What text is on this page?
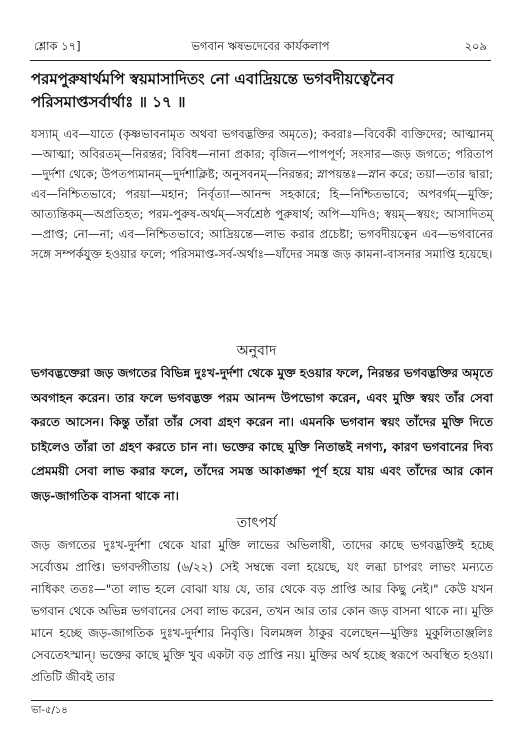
শ্লোক ১৭]	ভগবান ঋষভদেবের কার্যকলাপ	২০৯

পরমপুরুষার্থমপি স্বয়মাসাদিতং নো এবাদ্রিয়ন্তে ভগবদীয়ত্বেনৈব

পরিসমাপ্তসর্বার্থাঃ ॥ ১৭ ॥

যস্যাম্ এব—যাতে (কৃষ্ণভাবনামৃত অথবা ভগবদ্ভক্তির অমৃতে); কবরাঃ—বিবেকী ব্যক্তিদের; আত্মানম্—আত্মা; অবিরতম্—নিরন্তর; বিবিধ—নানা প্রকার; বৃজিন—পাপপূর্ণ; সংসার—জড় জগতে; পরিতাপ—দুর্দশা থেকে; উপতপ্যমানম্—দুর্দশাক্লিষ্ট; অনুসবনম্—নিরন্তর; স্নাপয়ন্তঃ—স্নান করে; তয়া—তার দ্বারা; এব—নিশ্চিতভাবে; পরয়া—মহান; নির্বৃত্যা—আনন্দ সহকারে; হি—নিশ্চিতভাবে; অপবর্গম্—মুক্তি; আত্যন্তিকম্—অপ্রতিহত; পরম-পুরুষ-অর্থম্—সর্বশ্রেষ্ঠ পুরুষার্থ; অপি—যদিও; স্বয়ম্—স্বয়ং; আসাদিতম্—প্রাপ্ত; নো—না; এব—নিশ্চিতভাবে; আদ্রিয়ন্তে—লাভ করার প্রচেষ্টা; ভগবদীয়ত্বেন এব—ভগবানের সঙ্গে সম্পর্কযুক্ত হওয়ার ফলে; পরিসমাপ্ত-সর্ব-অর্থাঃ—যাঁদের সমস্ত জড় কামনা-বাসনার সমাপ্তি হয়েছে।

অনুবাদ

ভগবদ্ভক্তেরা জড় জগতের বিভিন্ন দুঃখ-দুর্দশা থেকে মুক্ত হওয়ার ফলে, নিরন্তর ভগবদ্ভক্তির অমৃতে অবগাহন করেন। তার ফলে ভগবদ্ভক্ত পরম আনন্দ উপভোগ করেন, এবং মুক্তি স্বয়ং তাঁর সেবা করতে আসেন। কিন্তু তাঁরা তাঁর সেবা গ্রহণ করেন না। এমনকি ভগবান স্বয়ং তাঁদের মুক্তি দিতে চাইলেও তাঁরা তা গ্রহণ করতে চান না। ভক্তের কাছে মুক্তি নিতান্তই নগণ্য, কারণ ভগবানের দিব্য প্রেমময়ী সেবা লাভ করার ফলে, তাঁদের সমস্ত আকাঙ্ক্ষা পূর্ণ হয়ে যায় এবং তাঁদের আর কোন জড়-জাগতিক বাসনা থাকে না।

তাৎপর্য

জড় জগতের দুঃখ-দুর্দশা থেকে যারা মুক্তি লাভের অভিলাষী, তাদের কাছে ভগবদ্ভক্তিই হচ্ছে সর্বোত্তম প্রাপ্তি। ভগবদ্গীতায় (৬/২২) সেই সম্বন্ধে বলা হয়েছে, যং লব্ধা চাপরং লাভং মন্যতে নাধিকং ততঃ—"তা লাভ হলে বোঝা যায় যে, তার থেকে বড় প্রাপ্তি আর কিছু নেই।" কেউ যখন ভগবান থেকে অভিন্ন ভগবানের সেবা লাভ করেন, তখন আর তার কোন জড় বাসনা থাকে না। মুক্তি মানে হচ্ছে জড়-জাগতিক দুঃখ-দুর্দশার নিবৃত্তি। বিলমঙ্গল ঠাকুর বলেছেন—মুক্তিঃ মুকুলিতাঞ্জলিঃ সেবতেঽস্মান্। ভক্তের কাছে মুক্তি খুব একটা বড় প্রাপ্তি নয়। মুক্তির অর্থ হচ্ছে স্বরূপে অবস্থিত হওয়া। প্রতিটি জীবই তার

ভা-৫/১৪
